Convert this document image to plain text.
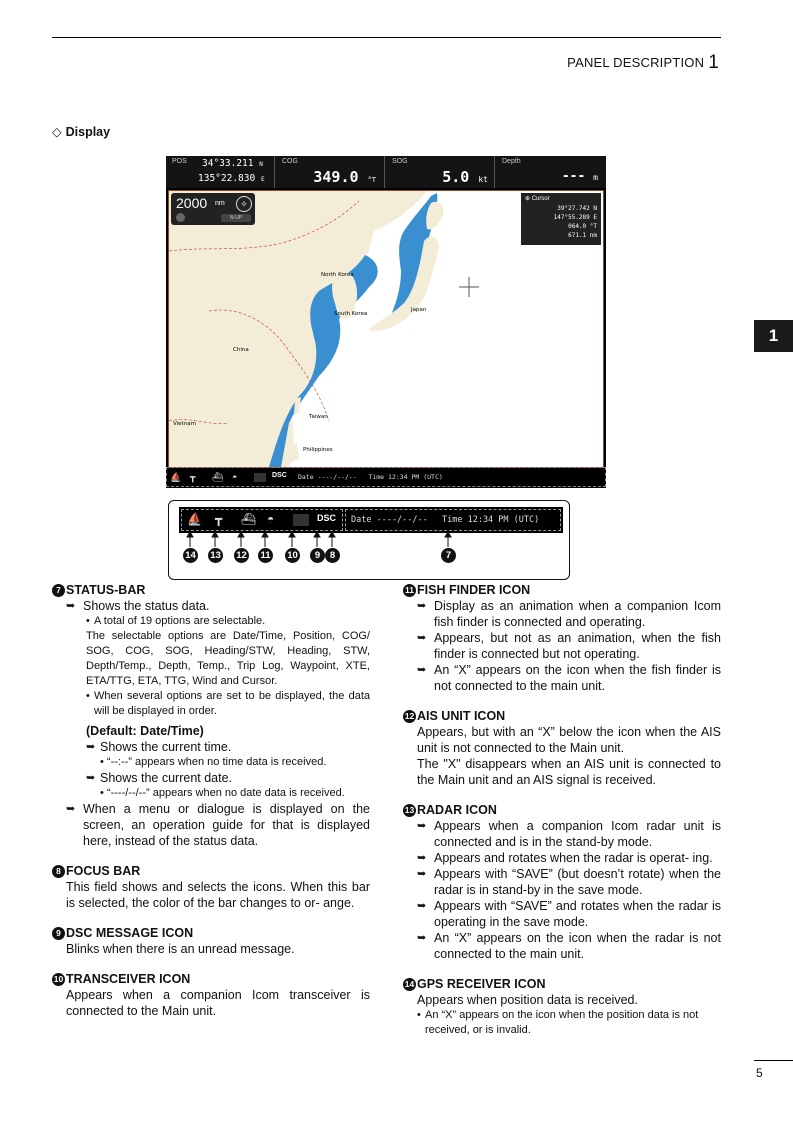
PANEL DESCRIPTION 1
1
◇ Display
POS 34°33.211 N
135°22.830 E
COG
349.0 °T
SOG
5.0 kt
Depth
--- m
North Korea
South Korea
Japan
China
Taiwan
Vietnam
Philippines
2000 nm	✧
N-UP
⊕ Cursor
39°27.742 N
147°55.289 E
064.0 °T
671.1 nm
⛵ ┳ ⛴ ◓	DSC Date ----/--/--   Time 12:34 PM (UTC)
⛵ ┳ ⛴ ◓	DSC Date ----/--/-- Time 12:34 PM (UTC)
14 13 12 11 10	9	8	7
7 STATUS-BAR
➥ Shows the status data.
• A total of 19 options are selectable.
The selectable options are Date/Time, Position, COG/ SOG, COG, SOG, Heading/STW, Heading, STW, Depth/Temp., Depth, Temp., Trip Log, Waypoint, XTE, ETA/TTG, ETA, TTG, Wind and Cursor.
• When several options are set to be displayed, the data will be displayed in order.
(Default: Date/Time)
➥ Shows the current time.
• “--:--” appears when no time data is received.
➥ Shows the current date.
• “----/--/--” appears when no date data is received.
➥ When a menu or dialogue is displayed on the screen, an operation guide for that is displayed here, instead of the status data.
8 FOCUS BAR
This field shows and selects the icons. When this bar is selected, the color of the bar changes to or- ange.
9 DSC MESSAGE ICON
Blinks when there is an unread message.
10 TRANSCEIVER ICON
Appears when a companion Icom transceiver is connected to the Main unit.
11 FISH FINDER ICON
➥ Display as an animation when a companion Icom fish finder is connected and operating.
➥ Appears, but not as an animation, when the fish finder is connected but not operating.
➥ An “X” appears on the icon when the fish finder is not connected to the main unit.
12 AIS UNIT ICON
Appears, but with an “X” below the icon when the AIS unit is not connected to the Main unit.
The "X" disappears when an AIS unit is connected to the Main unit and an AIS signal is received.
13 RADAR ICON
➥ Appears when a companion Icom radar unit is connected and is in the stand-by mode.
➥ Appears and rotates when the radar is operat- ing.
➥ Appears with “SAVE” (but doesn’t rotate) when the radar is in stand-by in the save mode.
➥ Appears with “SAVE” and rotates when the radar is operating in the save mode.
➥ An “X” appears on the icon when the radar is not connected to the main unit.
14 GPS RECEIVER ICON
Appears when position data is received.
• An “X” appears on the icon when the position data is not received, or is invalid.
5
